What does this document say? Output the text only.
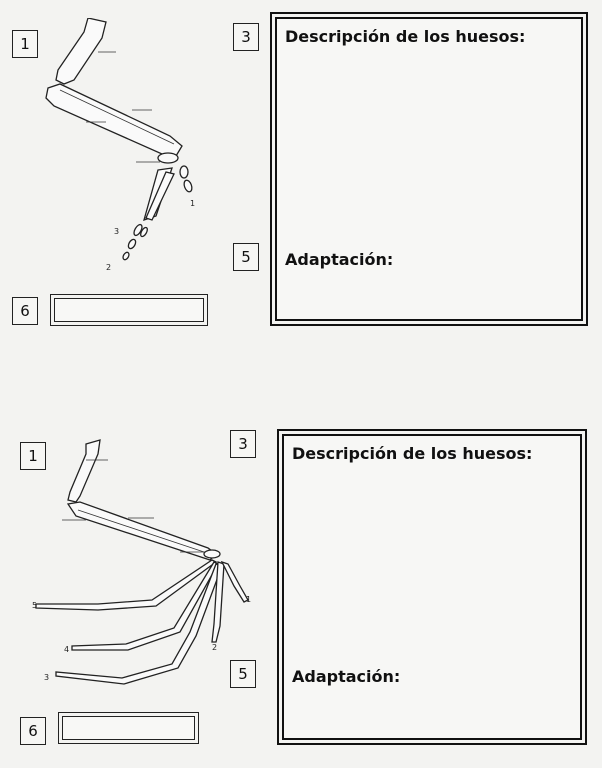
1
1
2
3
6
3
5
Descripción de los huesos:
Adaptación:
1
1
2
3
4
5
6
3
5
Descripción de los huesos:
Adaptación:
